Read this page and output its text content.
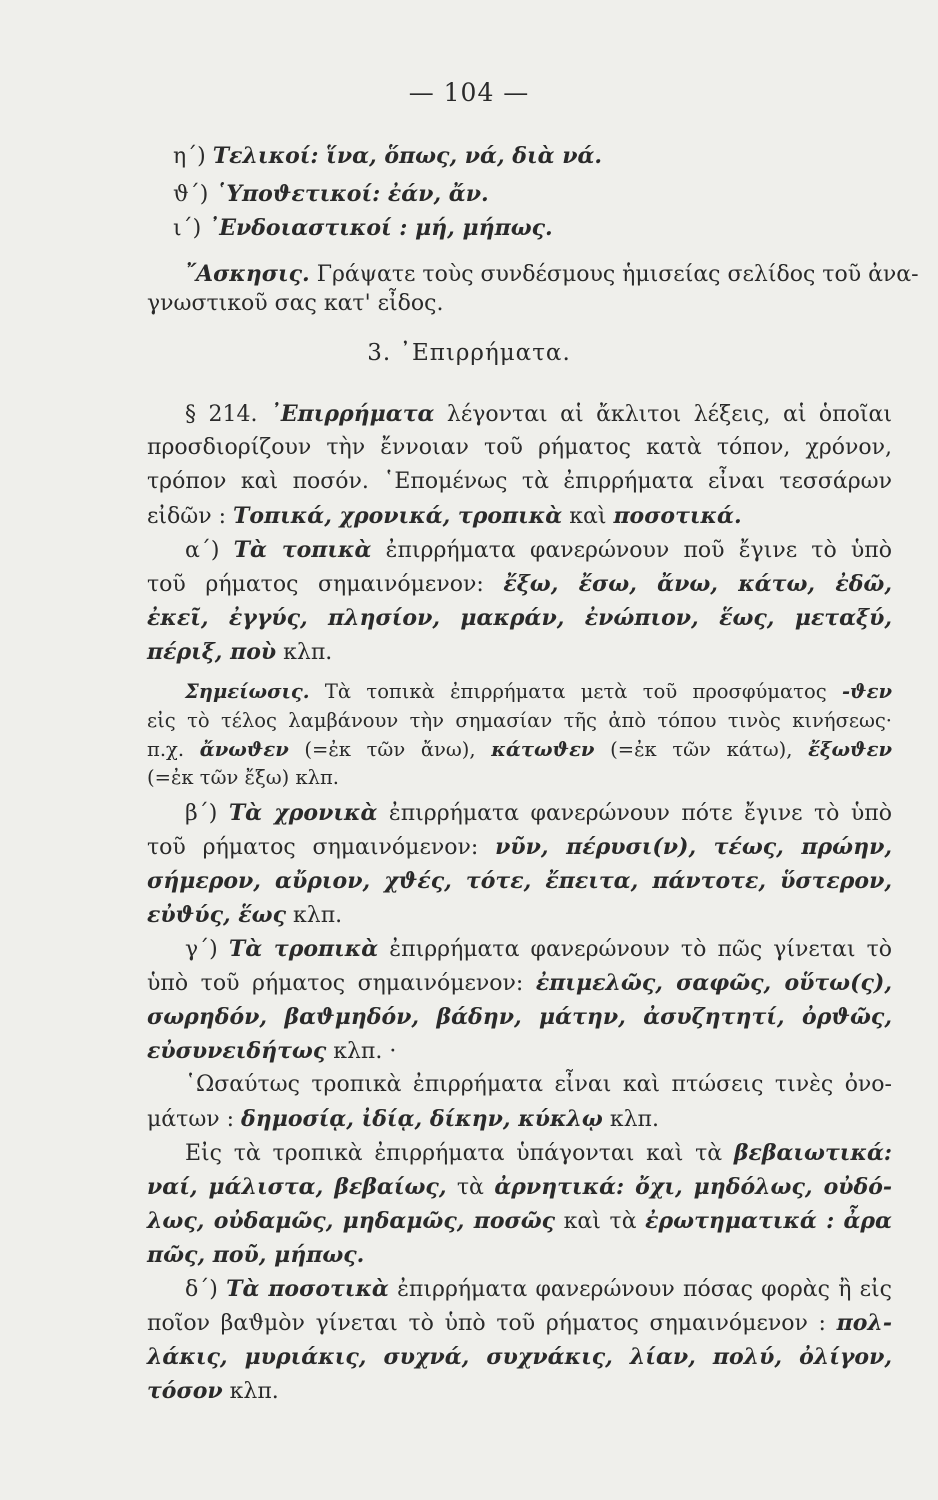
— 104 —
η΄) Τελικοί: ἵνα, ὅπως, νά, διὰ νά.
ϑ΄) ῾Υποϑετικοί: ἐάν, ἄν.
ι΄) ᾿Ενδοιαστικοί : μή, μήπως.
῎Ασκησις. Γράψατε τοὺς συνδέσμους ἡμισείας σελίδος τοῦ ἀνα-
γνωστικοῦ σας κατ' εἶδος.
3. ᾿Επιρρήματα.
§ 214. ᾿Επιρρήματα λέγονται αἱ ἄκλιτοι λέξεις, αἱ ὁποῖαι
προσδιορίζουν τὴν ἔννοιαν τοῦ ρήματος κατὰ τόπον, χρόνον,
τρόπον καὶ ποσόν. ῾Επομένως τὰ ἐπιρρήματα εἶναι τεσσάρων
εἰδῶν : Τοπικά, χρονικά, τροπικὰ καὶ ποσοτικά.
α΄) Τὰ τοπικὰ ἐπιρρήματα φανερώνουν ποῦ ἔγινε τὸ ὑπὸ
τοῦ ρήματος σημαινόμενον: ἔξω, ἔσω, ἄνω, κάτω, ἐδῶ,
ἐκεῖ, ἐγγύς, πλησίον, μακράν, ἐνώπιον, ἕως, μεταξύ,
πέριξ, ποὺ κλπ.
Σημείωσις. Τὰ τοπικὰ ἐπιρρήματα μετὰ τοῦ προσφύματος -ϑεν
εἰς τὸ τέλος λαμβάνουν τὴν σημασίαν τῆς ἀπὸ τόπου τινὸς κινήσεως·
π.χ. ἄνωϑεν (=ἐκ τῶν ἄνω), κάτωϑεν (=ἐκ τῶν κάτω), ἔξωϑεν
(=ἐκ τῶν ἔξω) κλπ.
β΄) Τὰ χρονικὰ ἐπιρρήματα φανερώνουν πότε ἔγινε τὸ ὑπὸ
τοῦ ρήματος σημαινόμενον: νῦν, πέρυσι(ν), τέως, πρώην,
σήμερον, αὔριον, χϑές, τότε, ἔπειτα, πάντοτε, ὕστερον,
εὐϑύς, ἕως κλπ.
γ΄) Τὰ τροπικὰ ἐπιρρήματα φανερώνουν τὸ πῶς γίνεται τὸ
ὑπὸ τοῦ ρήματος σημαινόμενον: ἐπιμελῶς, σαφῶς, οὕτω(ς),
σωρηδόν, βαϑμηδόν, βάδην, μάτην, ἀσυζητητί, ὀρϑῶς,
εὐσυνειδήτως κλπ. ·
῾Ωσαύτως τροπικὰ ἐπιρρήματα εἶναι καὶ πτώσεις τινὲς ὀνο-
μάτων : δημοσίᾳ, ἰδίᾳ, δίκην, κύκλῳ κλπ.
Εἰς τὰ τροπικὰ ἐπιρρήματα ὑπάγονται καὶ τὰ βεβαιωτικά:
ναί, μάλιστα, βεβαίως, τὰ ἀρνητικά: ὄχι, μηδόλως, οὐδό-
λως, οὐδαμῶς, μηδαμῶς, ποσῶς καὶ τὰ ἐρωτηματικά : ἆρα
πῶς, ποῦ, μήπως.
δ΄) Τὰ ποσοτικὰ ἐπιρρήματα φανερώνουν πόσας φορὰς ἢ εἰς
ποῖον βαϑμὸν γίνεται τὸ ὑπὸ τοῦ ρήματος σημαινόμενον : πολ-
λάκις, μυριάκις, συχνά, συχνάκις, λίαν, πολύ, ὀλίγον,
τόσον κλπ.
